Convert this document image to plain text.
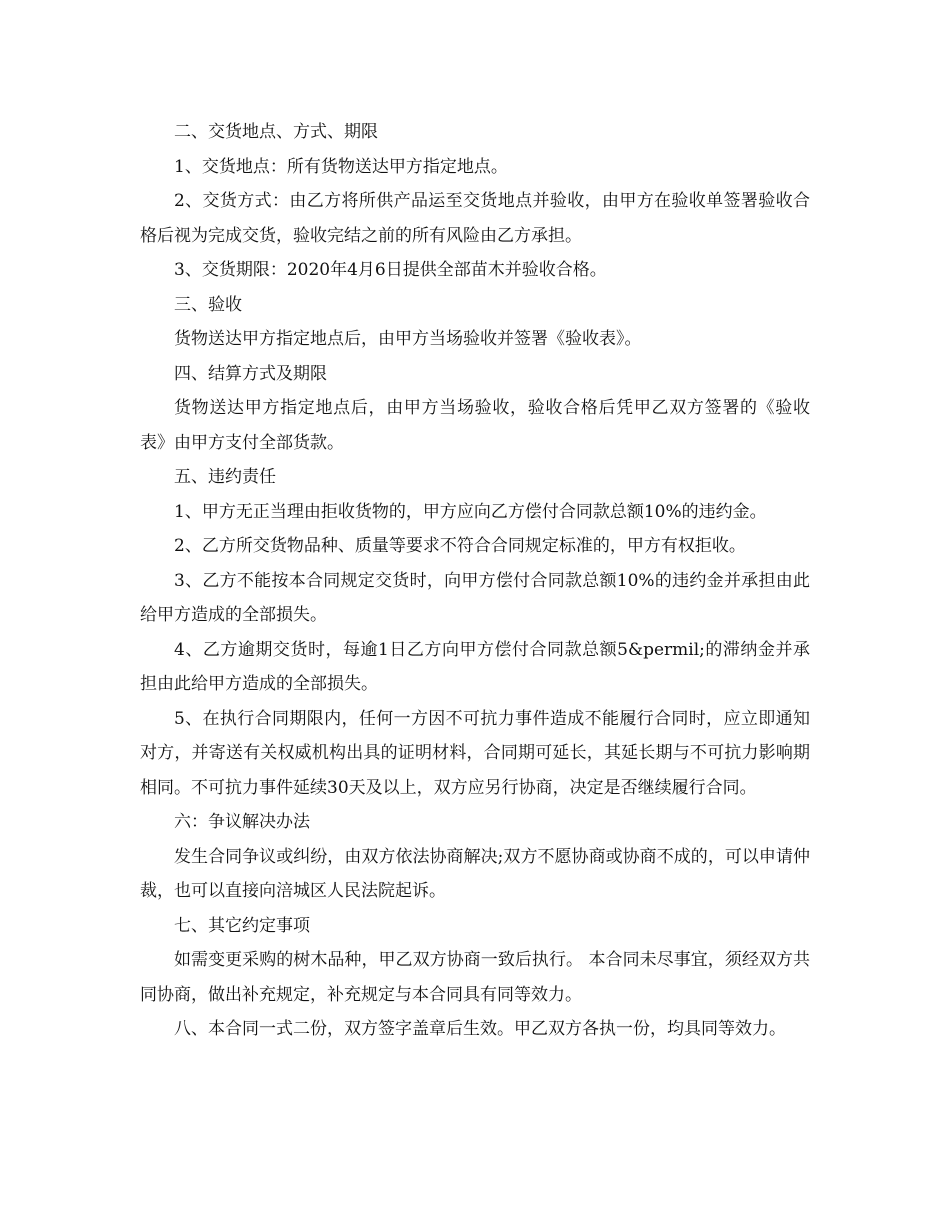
二、交货地点、方式、期限

1、交货地点：所有货物送达甲方指定地点。

2、交货方式：由乙方将所供产品运至交货地点并验收，由甲方在验收单签署验收合格后视为完成交货，验收完结之前的所有风险由乙方承担。

3、交货期限：2020年4月6日提供全部苗木并验收合格。

三、验收

货物送达甲方指定地点后，由甲方当场验收并签署《验收表》。

四、结算方式及期限

货物送达甲方指定地点后，由甲方当场验收，验收合格后凭甲乙双方签署的《验收表》由甲方支付全部货款。

五、违约责任

1、甲方无正当理由拒收货物的，甲方应向乙方偿付合同款总额10%的违约金。

2、乙方所交货物品种、质量等要求不符合合同规定标准的，甲方有权拒收。

3、乙方不能按本合同规定交货时，向甲方偿付合同款总额10%的违约金并承担由此给甲方造成的全部损失。

4、乙方逾期交货时，每逾1日乙方向甲方偿付合同款总额5&permil;的滞纳金并承担由此给甲方造成的全部损失。

5、在执行合同期限内，任何一方因不可抗力事件造成不能履行合同时，应立即通知对方，并寄送有关权威机构出具的证明材料，合同期可延长，其延长期与不可抗力影响期相同。不可抗力事件延续30天及以上，双方应另行协商，决定是否继续履行合同。

六：争议解决办法

发生合同争议或纠纷，由双方依法协商解决;双方不愿协商或协商不成的，可以申请仲裁，也可以直接向涪城区人民法院起诉。

七、其它约定事项

如需变更采购的树木品种，甲乙双方协商一致后执行。 本合同未尽事宜，须经双方共同协商，做出补充规定，补充规定与本合同具有同等效力。

八、本合同一式二份，双方签字盖章后生效。甲乙双方各执一份，均具同等效力。
